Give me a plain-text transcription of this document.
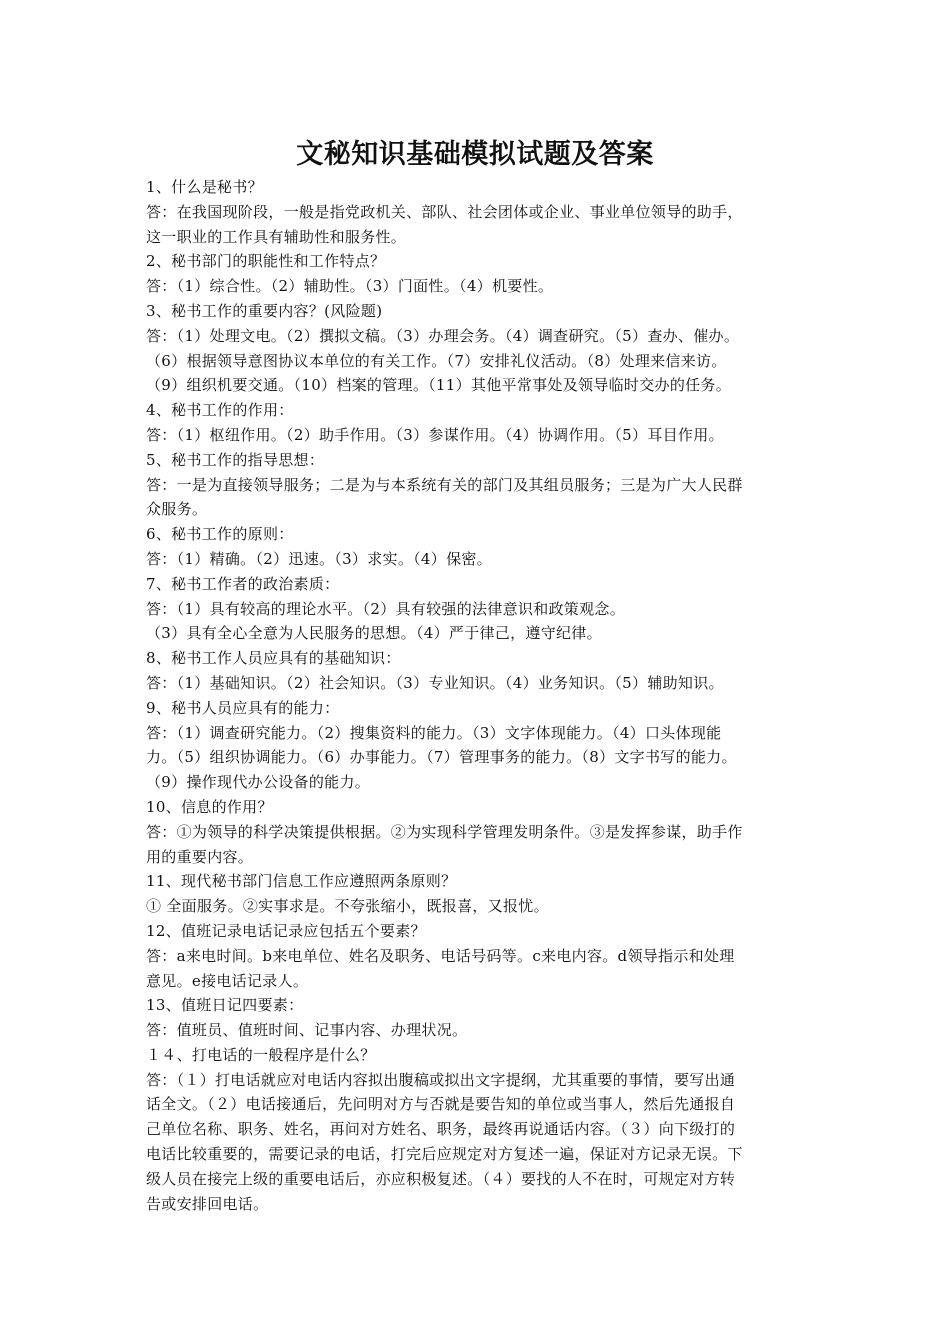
文秘知识基础模拟试题及答案

1、什么是秘书？

答：在我国现阶段，一般是指党政机关、部队、社会团体或企业、事业单位领导的助手，

这一职业的工作具有辅助性和服务性。

2、秘书部门的职能性和工作特点？

答：（1）综合性。（2）辅助性。（3）门面性。（4）机要性。

3、秘书工作的重要内容？(风险题)

答：（1）处理文电。（2）撰拟文稿。（3）办理会务。（4）调查研究。（5）查办、催办。

（6）根据领导意图协议本单位的有关工作。（7）安排礼仪活动。（8）处理来信来访。

（9）组织机要交通。（10）档案的管理。（11）其他平常事处及领导临时交办的任务。

4、秘书工作的作用：

答：（1）枢纽作用。（2）助手作用。（3）参谋作用。（4）协调作用。（5）耳目作用。

5、秘书工作的指导思想：

答：一是为直接领导服务；二是为与本系统有关的部门及其组员服务；三是为广大人民群

众服务。

6、秘书工作的原则：

答：（1）精确。（2）迅速。（3）求实。（4）保密。

7、秘书工作者的政治素质：

答：（1）具有较高的理论水平。（2）具有较强的法律意识和政策观念。

（3）具有全心全意为人民服务的思想。（4）严于律己，遵守纪律。

8、秘书工作人员应具有的基础知识：

答：（1）基础知识。（2）社会知识。（3）专业知识。（4）业务知识。（5）辅助知识。

9、秘书人员应具有的能力：

答：（1）调查研究能力。（2）搜集资料的能力。（3）文字体现能力。（4）口头体现能

力。（5）组织协调能力。（6）办事能力。（7）管理事务的能力。（8）文字书写的能力。

（9）操作现代办公设备的能力。

10、信息的作用？

答：①为领导的科学决策提供根据。②为实现科学管理发明条件。③是发挥参谋，助手作

用的重要内容。

11、现代秘书部门信息工作应遵照两条原则？

① 全面服务。②实事求是。不夸张缩小，既报喜，又报忧。

12、值班记录电话记录应包括五个要素？

答：a来电时间。b来电单位、姓名及职务、电话号码等。c来电内容。d领导指示和处理

意见。e接电话记录人。

13、值班日记四要素：

答：值班员、值班时间、记事内容、办理状况。

１４、打电话的一般程序是什么？

答：（１）打电话就应对电话内容拟出腹稿或拟出文字提纲，尤其重要的事情，要写出通

话全文。（２）电话接通后，先问明对方与否就是要告知的单位或当事人，然后先通报自

己单位名称、职务、姓名，再问对方姓名、职务，最终再说通话内容。（３）向下级打的

电话比较重要的，需要记录的电话，打完后应规定对方复述一遍，保证对方记录无误。下

级人员在接完上级的重要电话后，亦应积极复述。（４）要找的人不在时，可规定对方转

告或安排回电话。
